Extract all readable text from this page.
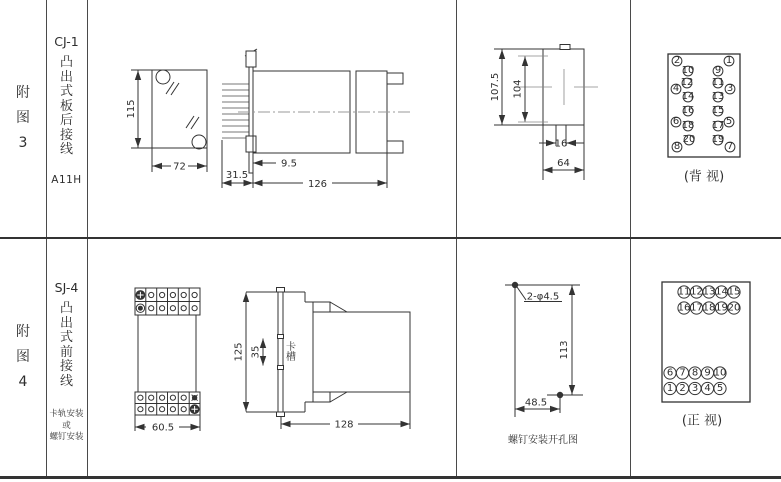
附图3
CJ-1
凸出式板后接线
A11H
115
72	9.5
31.5
126
107.5 104
16
64
2
4
6
8
10
12
14
16
18
20
9
11
13
15
17
19
1
3
5
7
(背 视)
附图4
SJ-4
凸出式前接线
卡轨安装
或
螺钉安装
60.5
125 35 卡
槽
128
2-φ4.5
113
48.5
螺钉安装开孔图
11 12 13 14 15
16 17 18 19 20
6 7 8 9 10
1 2 3 4 5
(正 视)
